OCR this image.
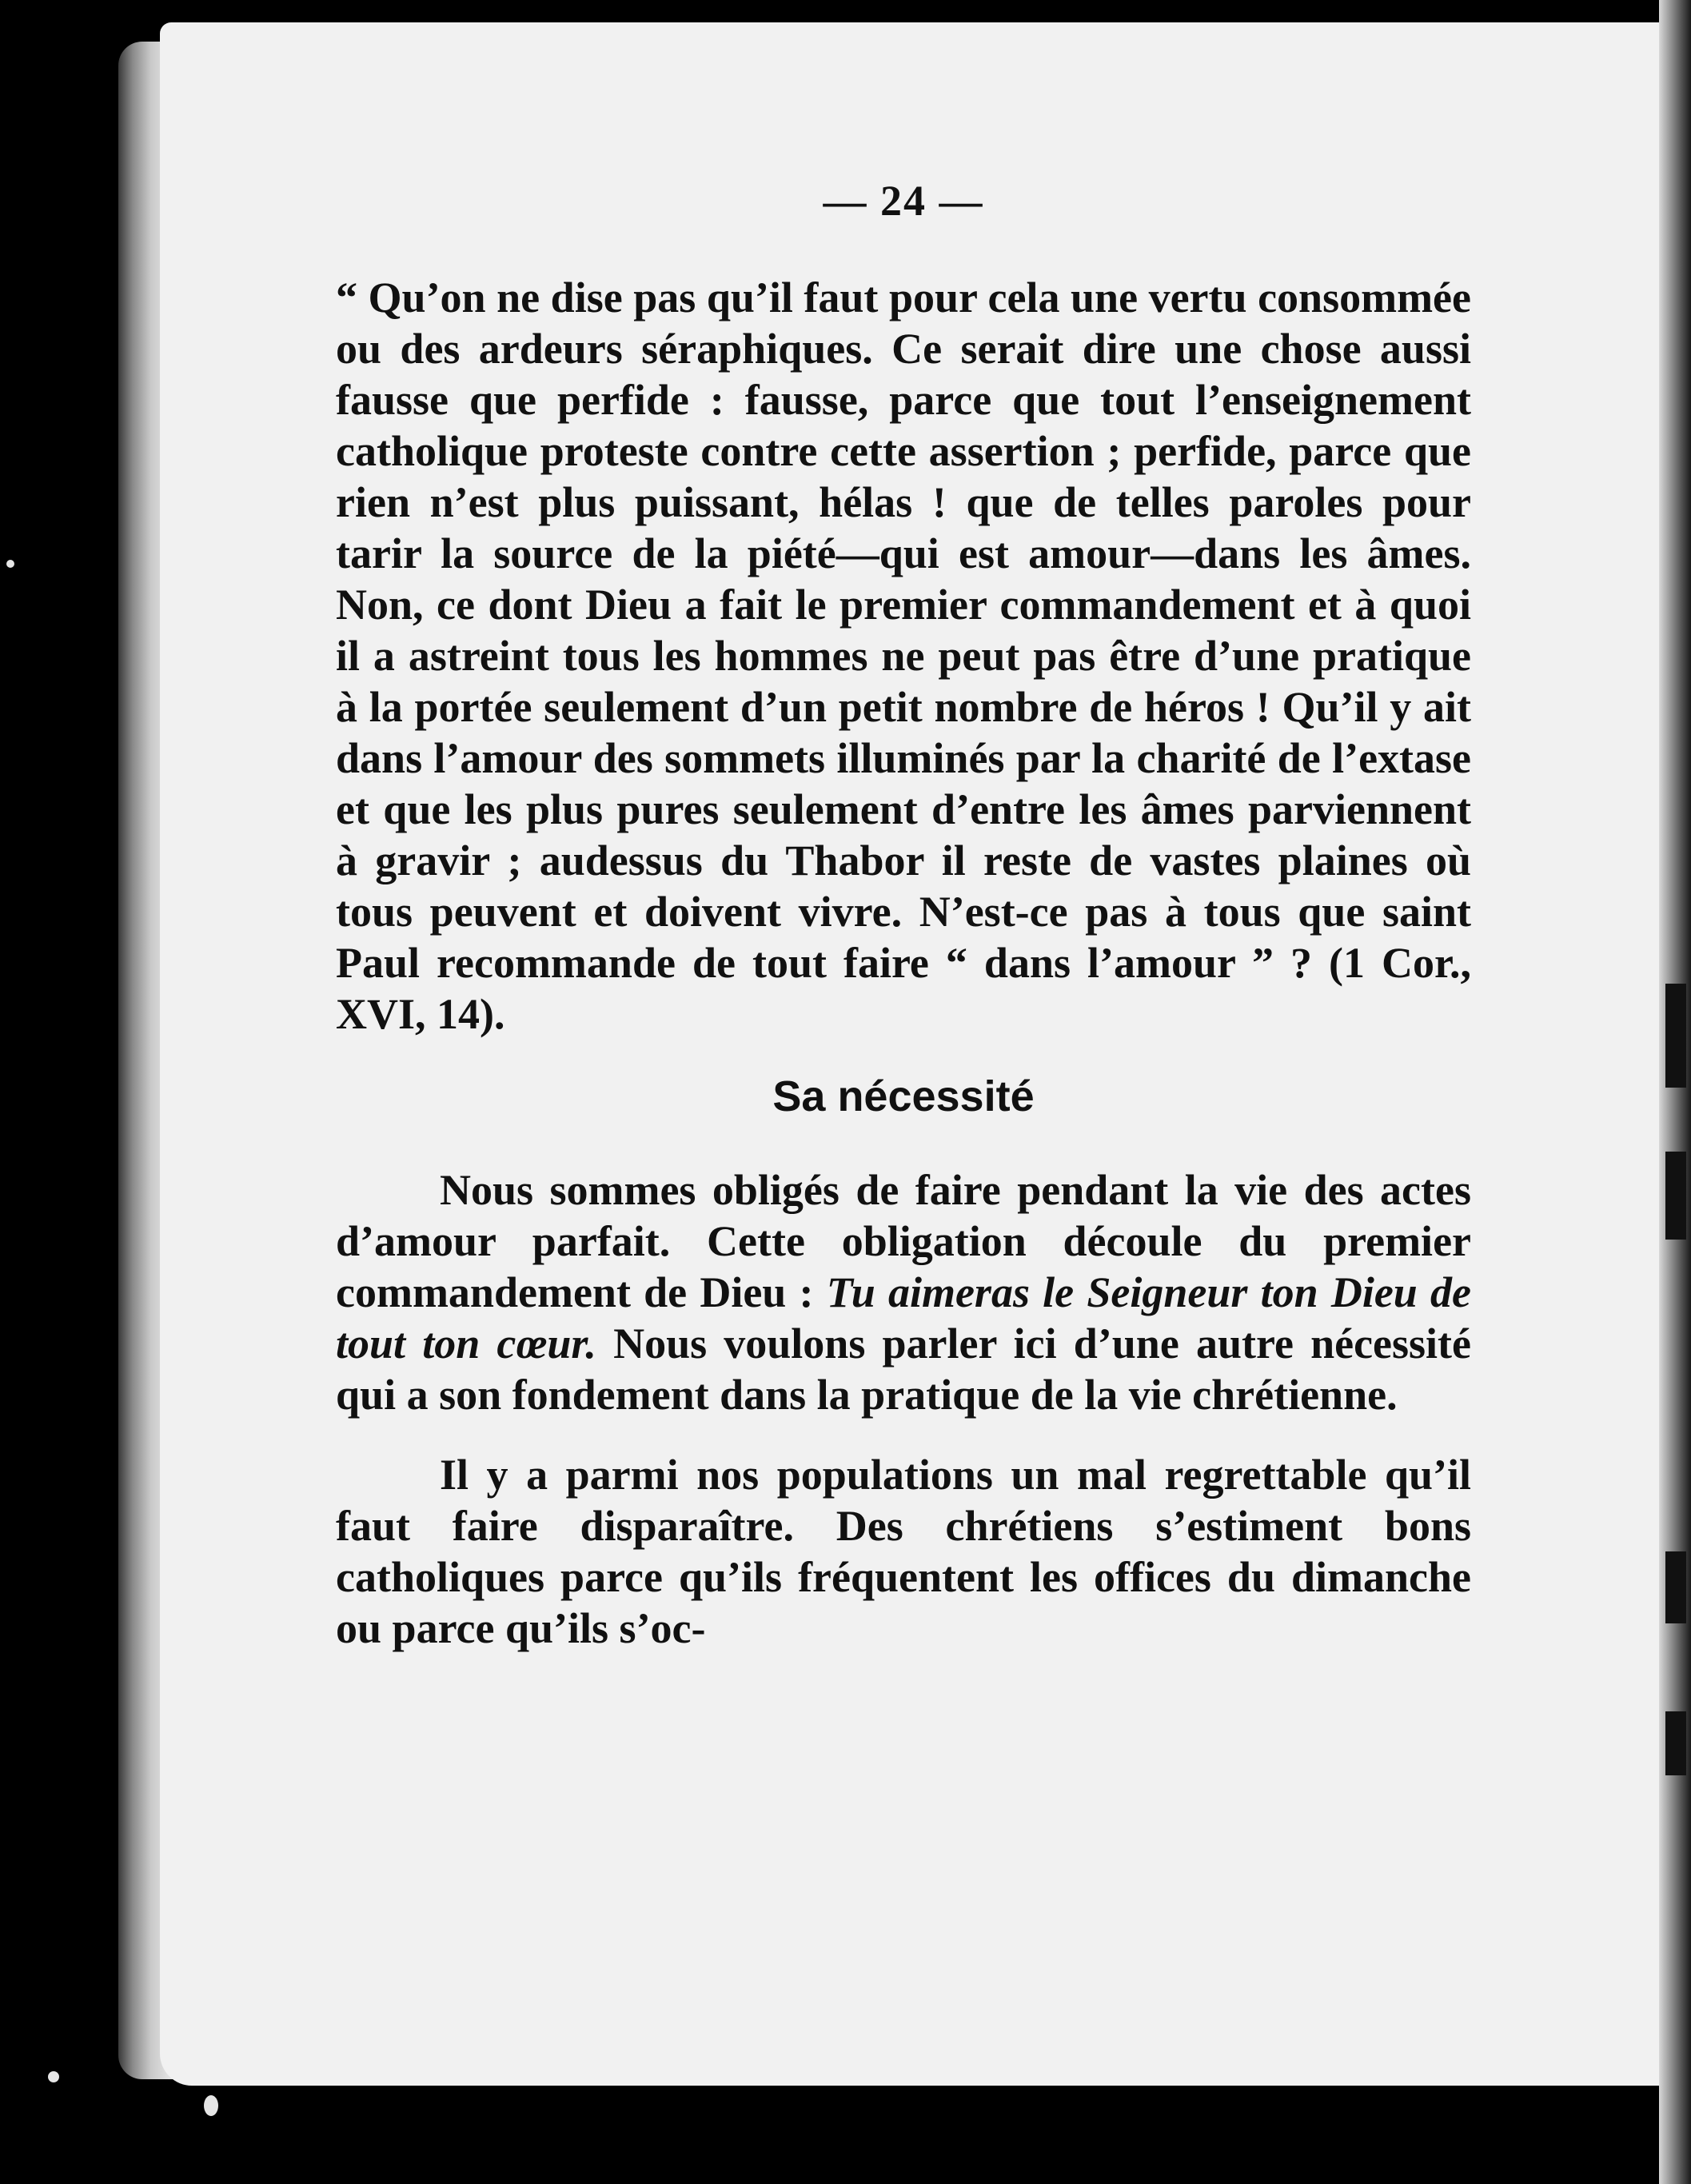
— 24 —

“ Qu’on ne dise pas qu’il faut pour cela une vertu consommée ou des ardeurs séraphiques. Ce serait dire une chose aussi fausse que perfide : fausse, parce que tout l’enseignement catholique proteste contre cette assertion ; perfide, parce que rien n’est plus puissant, hélas ! que de telles paroles pour tarir la source de la piété—qui est amour—dans les âmes. Non, ce dont Dieu a fait le premier commandement et à quoi il a astreint tous les hommes ne peut pas être d’une pratique à la portée seulement d’un petit nombre de héros ! Qu’il y ait dans l’amour des sommets illuminés par la charité de l’extase et que les plus pures seulement d’entre les âmes parviennent à gravir ; audessus du Thabor il reste de vastes plaines où tous peuvent et doivent vivre. N’est-ce pas à tous que saint Paul recommande de tout faire “ dans l’amour ” ? (1 Cor., XVI, 14).

Sa nécessité

Nous sommes obligés de faire pendant la vie des actes d’amour parfait. Cette obligation découle du premier commandement de Dieu : Tu aimeras le Seigneur ton Dieu de tout ton cœur. Nous voulons parler ici d’une autre nécessité qui a son fondement dans la pratique de la vie chrétienne.

Il y a parmi nos populations un mal regrettable qu’il faut faire disparaître. Des chrétiens s’estiment bons catholiques parce qu’ils fréquentent les offices du dimanche ou parce qu’ils s’oc-
